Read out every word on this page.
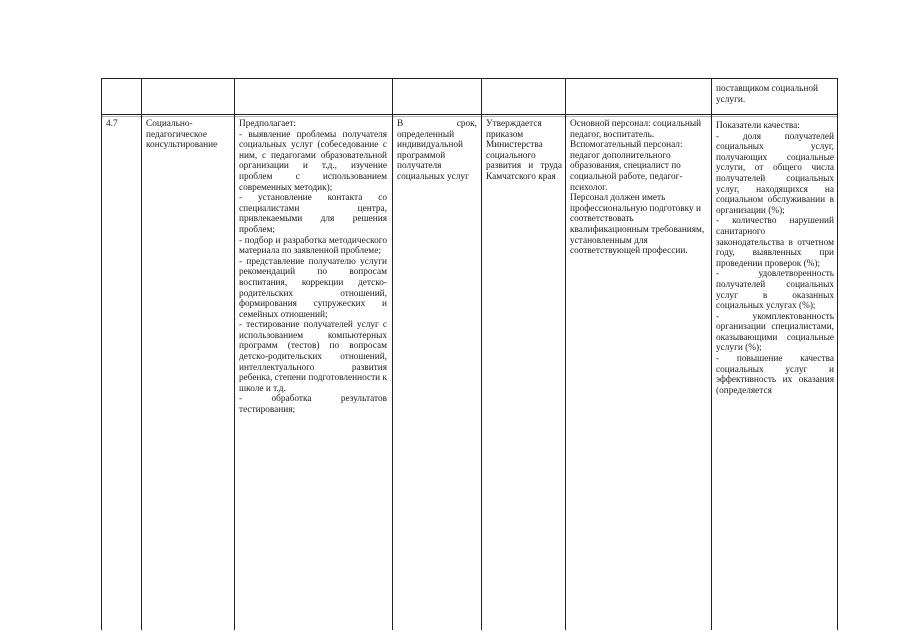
поставщиком социальной услуги.
4.7	Социально-педагогическое консультирование

Предполагает:

- выявление проблемы получателя социальных услуг (собеседование с ним, с педагогами образовательной организации и т.д., изучение проблем с использованием современных методик);

- установление контакта со специалистами центра, привлекаемыми для решения проблем;

- подбор и разработка методического материала по заявленной проблеме;

- представление получателю услуги рекомендаций по вопросам воспитания, коррекции детско-родительских отношений, формирования супружеских и семейных отношений;

- тестирование получателей услуг с использованием компьютерных программ (тестов) по вопросам детско-родительских отношений, интеллектуального развития ребенка, степени подготовленности к школе и т.д.

- обработка результатов тестирования;

В срок, определенный индивидуальной программой получателя социальных услуг
Утверждается приказом Министерства социального развития и труда Камчатского края

Основной персонал: социальный педагог, воспитатель.

Вспомогательный персонал: педагог дополнительного образования, специалист по социальной работе, педагог-психолог.

Персонал должен иметь профессиональную подготовку и соответствовать квалификационным требованиям, установленным для соответствующей профессии.

Показатели качества:

- доля получателей социальных услуг, получающих социальные услуги, от общего числа получателей социальных услуг, находящихся на социальном обслуживании в организации (%);

- количество нарушений санитарного законодательства в отчетном году, выявленных при проведении проверок (%);

- удовлетворенность получателей социальных услуг в оказанных социальных услугах (%);

- укомплектованность организации специалистами, оказывающими социальные услуги (%);

- повышение качества социальных услуг и эффективность их оказания (определяется
